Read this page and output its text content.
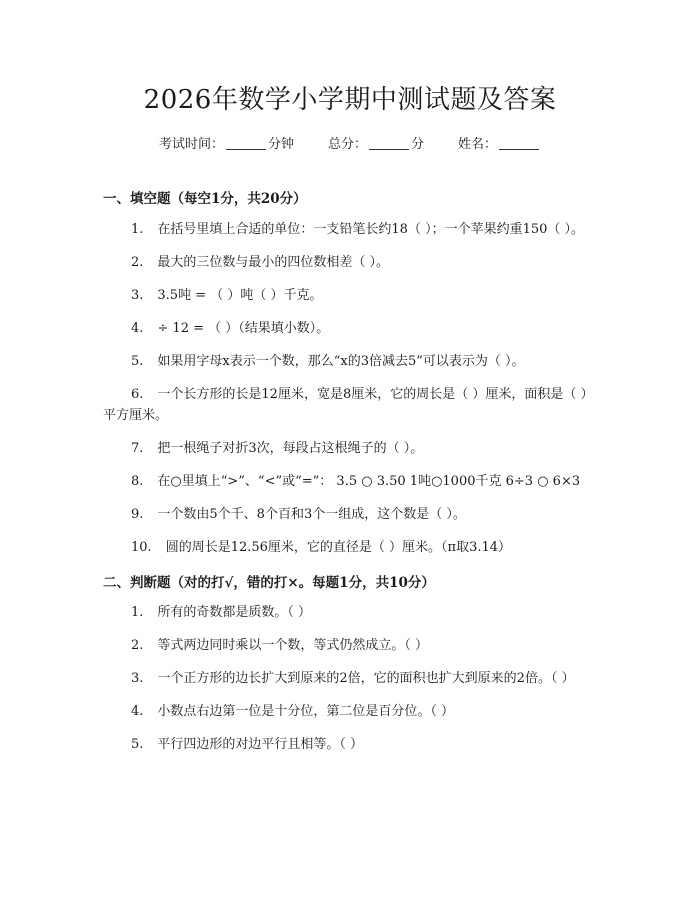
2026年数学小学期中测试题及答案
考试时间：	分钟	总分：	分	姓名：
一、填空题（每空1分，共20分）
1. 在括号里填上合适的单位：一支铅笔长约18（ ）；一个苹果约重150（ ）。
2. 最大的三位数与最小的四位数相差（ ）。
3. 3.5吨 = （ ）吨（ ）千克。
4. ÷ 12 = （ ）（结果填小数）。
5. 如果用字母x表示一个数，那么“x的3倍减去5”可以表示为（ ）。
6. 一个长方形的长是12厘米，宽是8厘米，它的周长是（ ）厘米，面积是（ ）平方厘米。
7. 把一根绳子对折3次，每段占这根绳子的（ ）。
8. 在○里填上“>”、“<”或“=”： 3.5 ○ 3.50 1吨○1000千克 6÷3 ○ 6×3
9. 一个数由5个千、8个百和3个一组成，这个数是（ ）。
10. 圆的周长是12.56厘米，它的直径是（ ）厘米。（π取3.14）
二、判断题（对的打√，错的打×。每题1分，共10分）
1. 所有的奇数都是质数。（ ）
2. 等式两边同时乘以一个数，等式仍然成立。（ ）
3. 一个正方形的边长扩大到原来的2倍，它的面积也扩大到原来的2倍。（ ）
4. 小数点右边第一位是十分位，第二位是百分位。（ ）
5. 平行四边形的对边平行且相等。（ ）
